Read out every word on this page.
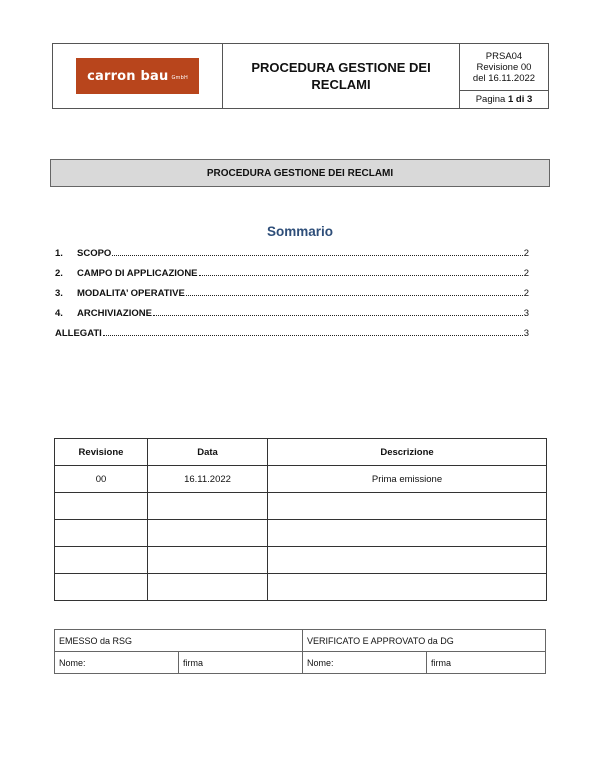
carron bau GmbH
PROCEDURA GESTIONE DEI RECLAMI
PRSA04
Revisione 00
del 16.11.2022
Pagina 1 di 3
PROCEDURA GESTIONE DEI RECLAMI
Sommario
1.	SCOPO	2
2.	CAMPO DI APPLICAZIONE	2
3.	MODALITA’ OPERATIVE	2
4.	ARCHIVIAZIONE	3
ALLEGATI	3
Revisione	Data	Descrizione
00	16.11.2022	Prima emissione

EMESSO da RSG		VERIFICATO E APPROVATO da DG	
Nome:	firma	Nome:	firma
